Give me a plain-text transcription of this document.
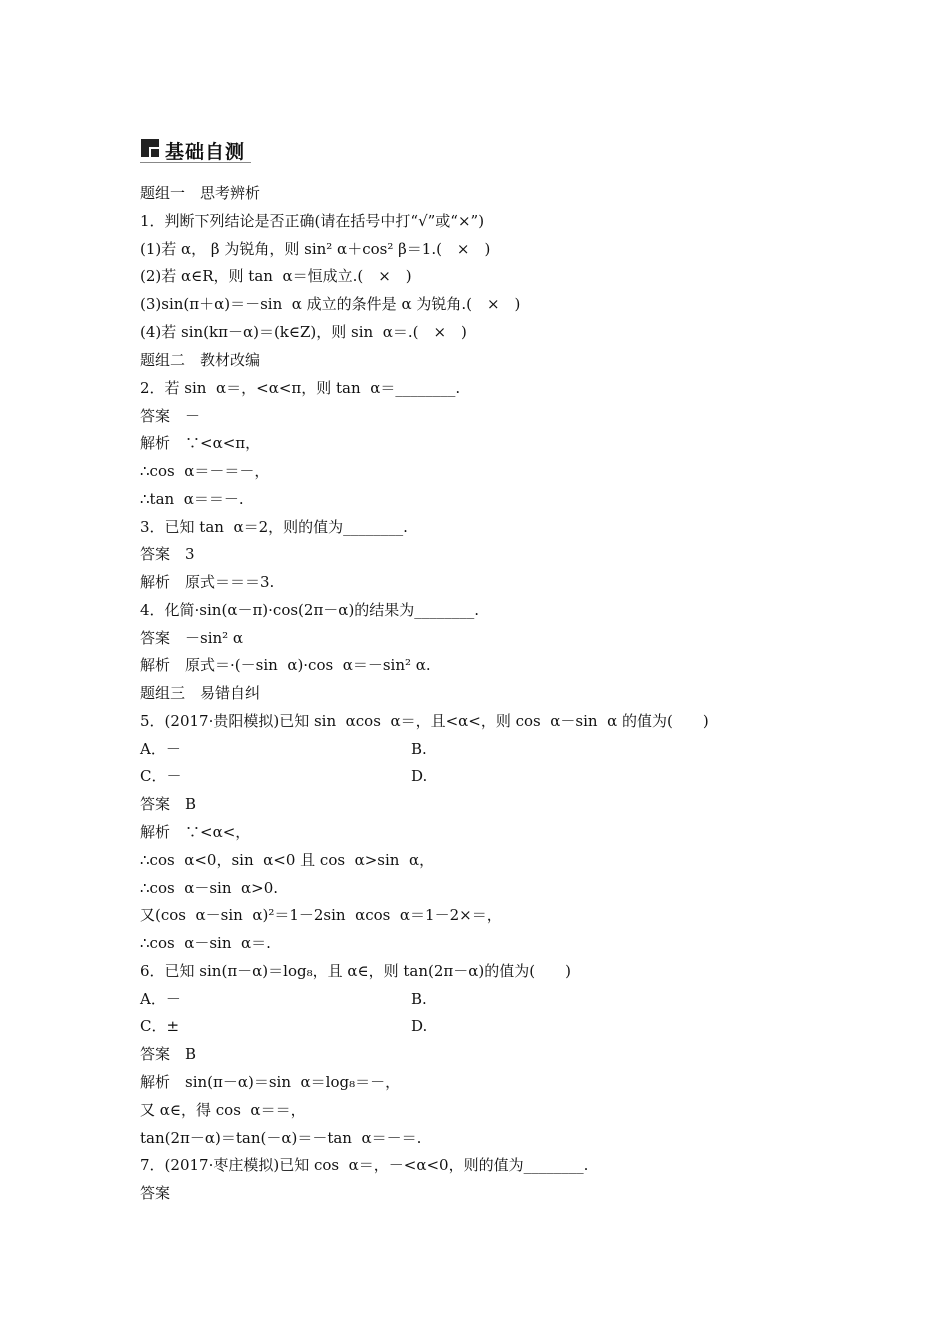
基础自测
题组一　思考辨析
1．判断下列结论是否正确(请在括号中打“√”或“×”)
(1)若 α， β 为锐角，则 sin² α＋cos² β＝1.(　×　)
(2)若 α∈R，则 tan  α＝恒成立.(　×　)
(3)sin(π＋α)＝－sin  α 成立的条件是 α 为锐角.(　×　)
(4)若 sin(kπ－α)＝(k∈Z)，则 sin  α＝.(　×　)
题组二　教材改编
2．若 sin  α＝，<α<π，则 tan  α＝________.
答案　－
解析　∵<α<π，
∴cos  α＝－＝－，
∴tan  α＝＝－.
3．已知 tan  α＝2，则的值为________.
答案　3
解析　原式＝＝＝3.
4．化简·sin(α－π)·cos(2π－α)的结果为________.
答案　－sin² α
解析　原式＝·(－sin  α)·cos  α＝－sin² α.
题组三　易错自纠
5．(2017·贵阳模拟)已知 sin  αcos  α＝，且<α<，则 cos  α－sin  α 的值为(　　)
答案　B
解析　∵<α<，
∴cos  α<0，sin  α<0 且 cos  α>sin  α，
∴cos  α－sin  α>0.
又(cos  α－sin  α)²＝1－2sin  αcos  α＝1－2×＝，
∴cos  α－sin  α＝.
6．已知 sin(π－α)＝log₈，且 α∈，则 tan(2π－α)的值为(　　)
答案　B
解析　sin(π－α)＝sin  α＝log₈＝－，
又 α∈，得 cos  α＝＝，
tan(2π－α)＝tan(－α)＝－tan  α＝－＝.
7．(2017·枣庄模拟)已知 cos  α＝，－<α<0，则的值为________.
答案
A．－	B.
C．－	D.
A．－	B.
C．±	D.
